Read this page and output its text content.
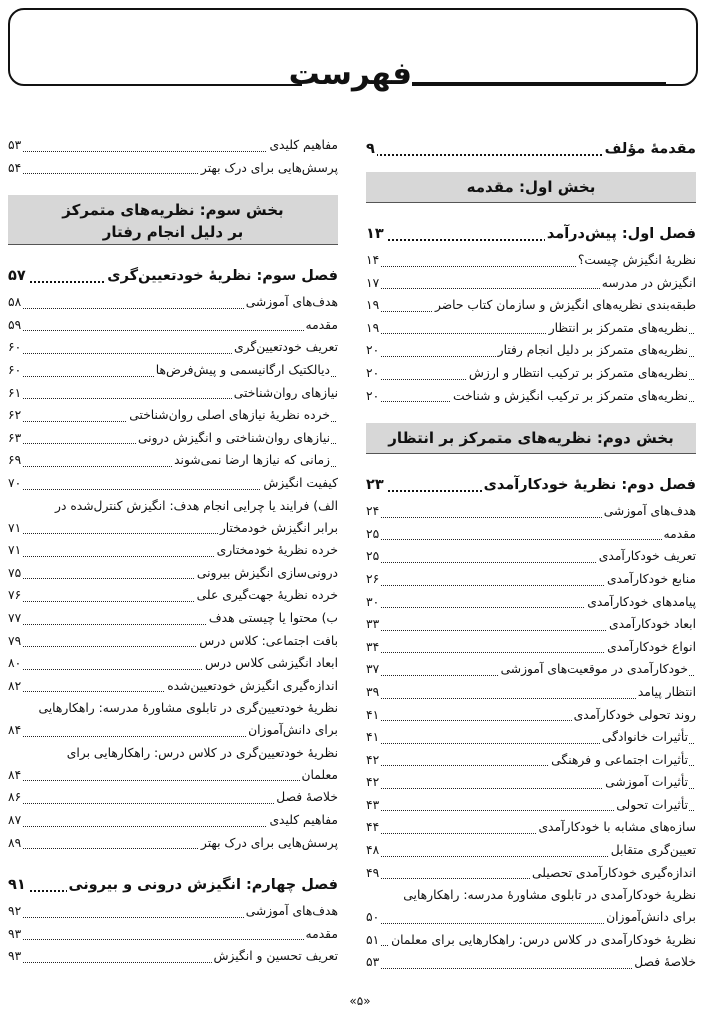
فهرست
مقدمهٔ مؤلف
۹
بخش اول: مقدمه
فصل اول: پیش‌درآمد
۱۳
نظریهٔ انگیزش چیست؟
۱۴
انگیزش در مدرسه
۱۷
طبقه‌بندی نظریه‌های انگیزش و سازمان کتاب حاضر
۱۹
نظریه‌های متمرکز بر انتظار
۱۹
نظریه‌های متمرکز بر دلیل انجام رفتار
۲۰
نظریه‌های متمرکز بر ترکیب انتظار و ارزش
۲۰
نظریه‌های متمرکز بر ترکیب انگیزش و شناخت
۲۰
بخش دوم: نظریه‌های متمرکز بر انتظار
فصل دوم: نظریهٔ خودکارآمدی
۲۳
هدف‌های آموزشی
۲۴
مقدمه
۲۵
تعریف خودکارآمدی
۲۵
منابع خودکارآمدی
۲۶
پیامدهای خودکارآمدی
۳۰
ابعاد خودکارآمدی
۳۳
انواع خودکارآمدی
۳۴
خودکارآمدی در موقعیت‌های آموزشی
۳۷
انتظار پیامد
۳۹
روند تحولی خودکارآمدی
۴۱
تأثیرات خانوادگی
۴۱
تأثیرات اجتماعی و فرهنگی
۴۲
تأثیرات آموزشی
۴۲
تأثیرات تحولی
۴۳
سازه‌های مشابه با خودکارآمدی
۴۴
تعیین‌گری متقابل
۴۸
اندازه‌گیری خودکارآمدی تحصیلی
۴۹
نظریهٔ خودکارآمدی در تابلوی مشاورهٔ مدرسه: راهکارهایی
برای دانش‌آموزان
۵۰
نظریهٔ خودکارآمدی در کلاس درس: راهکارهایی برای معلمان
۵۱
خلاصهٔ فصل
۵۳
مفاهیم کلیدی
۵۳
پرسش‌هایی برای درک بهتر
۵۴
بخش سوم: نظریه‌های متمرکز
بر دلیل انجام رفتار
فصل سوم: نظریهٔ خودتعیین‌گری
۵۷
هدف‌های آموزشی
۵۸
مقدمه
۵۹
تعریف خودتعیین‌گری
۶۰
دیالکتیک ارگانیسمی و پیش‌فرض‌ها
۶۰
نیازهای روان‌شناختی
۶۱
خرده نظریهٔ نیازهای اصلی روان‌شناختی
۶۲
نیازهای روان‌شناختی و انگیزش درونی
۶۳
زمانی که نیازها ارضا نمی‌شوند
۶۹
کیفیت انگیزش
۷۰
الف) فرایند یا چرایی انجام هدف: انگیزش کنترل‌شده در
برابر انگیزش خودمختار
۷۱
خرده نظریهٔ خودمختاری
۷۱
درونی‌سازی انگیزش بیرونی
۷۵
خرده نظریهٔ جهت‌گیری علی
۷۶
ب) محتوا یا چیستی هدف
۷۷
بافت اجتماعی: کلاس درس
۷۹
ابعاد انگیزشی کلاس درس
۸۰
اندازه‌گیری انگیزش خودتعیین‌شده
۸۲
نظریهٔ خودتعیین‌گری در تابلوی مشاورهٔ مدرسه: راهکارهایی
برای دانش‌آموزان
۸۴
نظریهٔ خودتعیین‌گری در کلاس درس: راهکارهایی برای
معلمان
۸۴
خلاصهٔ فصل
۸۶
مفاهیم کلیدی
۸۷
پرسش‌هایی برای درک بهتر
۸۹
فصل چهارم: انگیزش درونی و بیرونی
۹۱
هدف‌های آموزشی
۹۲
مقدمه
۹۳
تعریف تحسین و انگیزش
۹۳
«۵»
